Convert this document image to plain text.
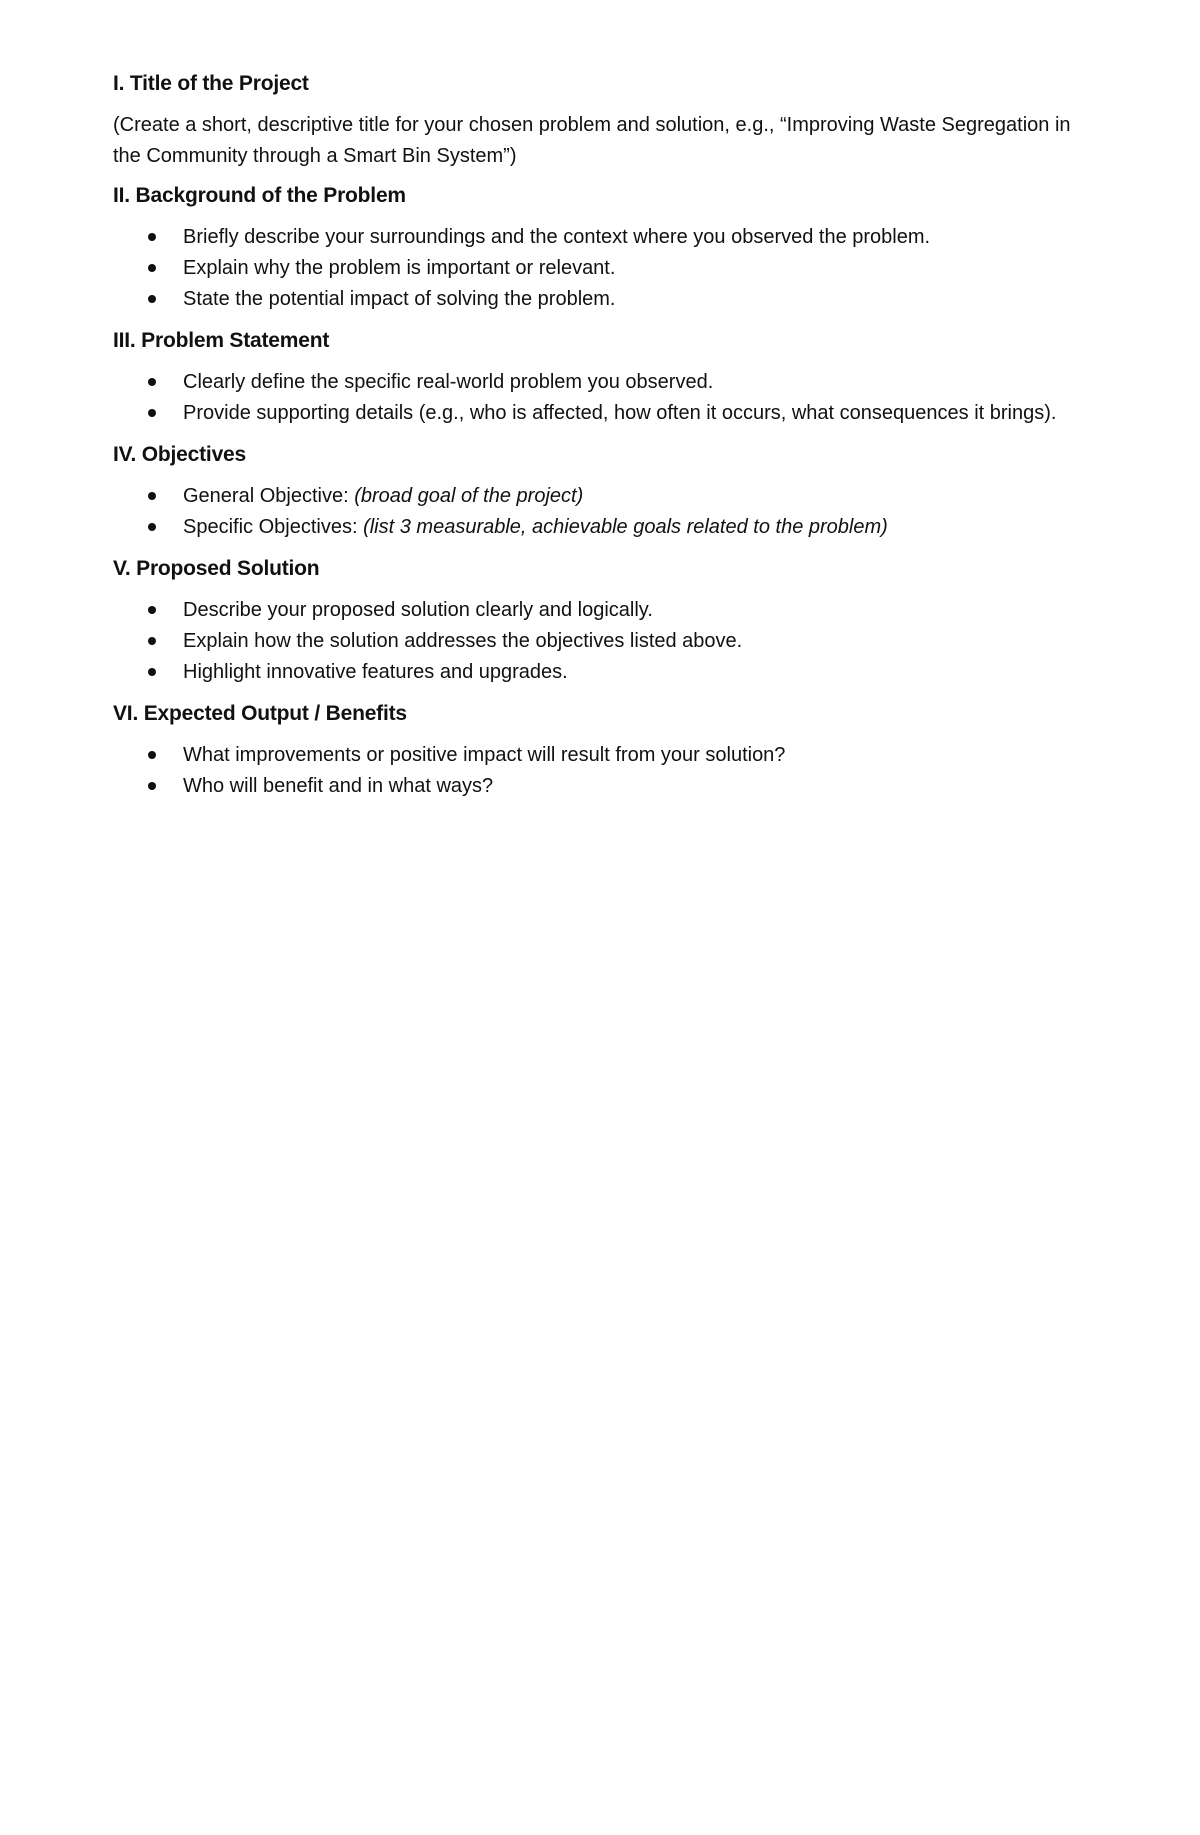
I. Title of the Project
(Create a short, descriptive title for your chosen problem and solution, e.g., “Improving Waste Segregation in the Community through a Smart Bin System”)
II. Background of the Problem
Briefly describe your surroundings and the context where you observed the problem.
Explain why the problem is important or relevant.
State the potential impact of solving the problem.
III. Problem Statement
Clearly define the specific real-world problem you observed.
Provide supporting details (e.g., who is affected, how often it occurs, what consequences it brings).
IV. Objectives
General Objective: (broad goal of the project)
Specific Objectives: (list 3 measurable, achievable goals related to the problem)
V. Proposed Solution
Describe your proposed solution clearly and logically.
Explain how the solution addresses the objectives listed above.
Highlight innovative features and upgrades.
VI. Expected Output / Benefits
What improvements or positive impact will result from your solution?
Who will benefit and in what ways?
